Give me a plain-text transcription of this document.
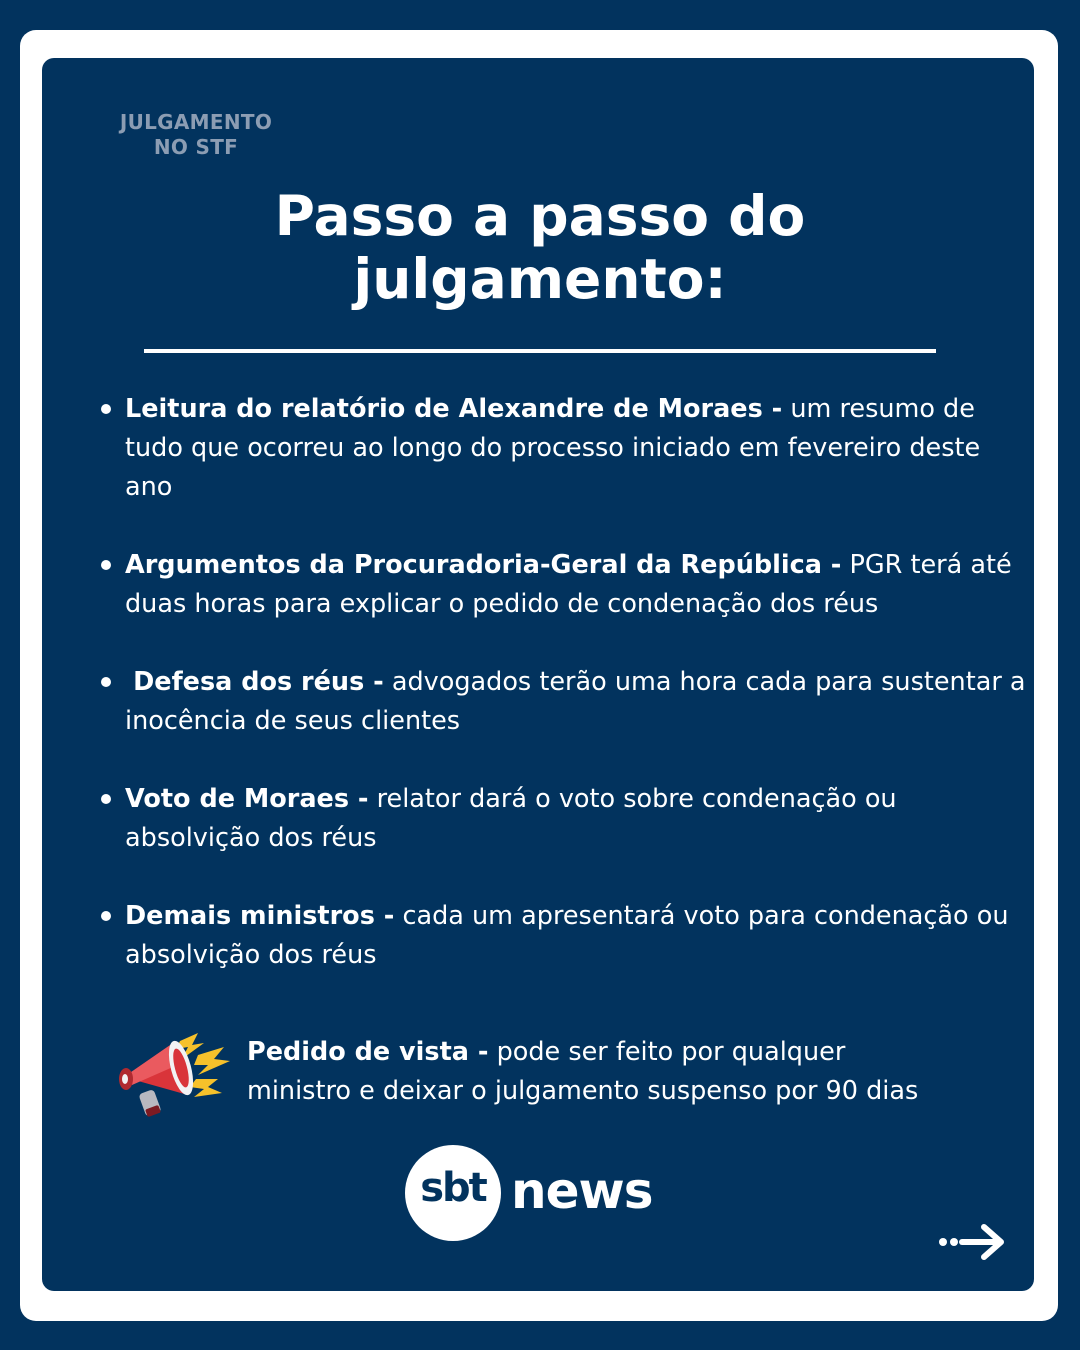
JULGAMENTO
NO STF
Passo a passo do
julgamento:
Leitura do relatório de Alexandre de Moraes - um resumo de tudo que ocorreu ao longo do processo iniciado em fevereiro deste ano
Argumentos da Procuradoria-Geral da República - PGR terá até duas horas para explicar o pedido de condenação dos réus
Defesa dos réus - advogados terão uma hora cada para sustentar a inocência de seus clientes
Voto de Moraes - relator dará o voto sobre condenação ou absolvição dos réus
Demais ministros - cada um apresentará voto para condenação ou absolvição dos réus
Pedido de vista - pode ser feito por qualquer
ministro e deixar o julgamento suspenso por 90 dias
sbt news
